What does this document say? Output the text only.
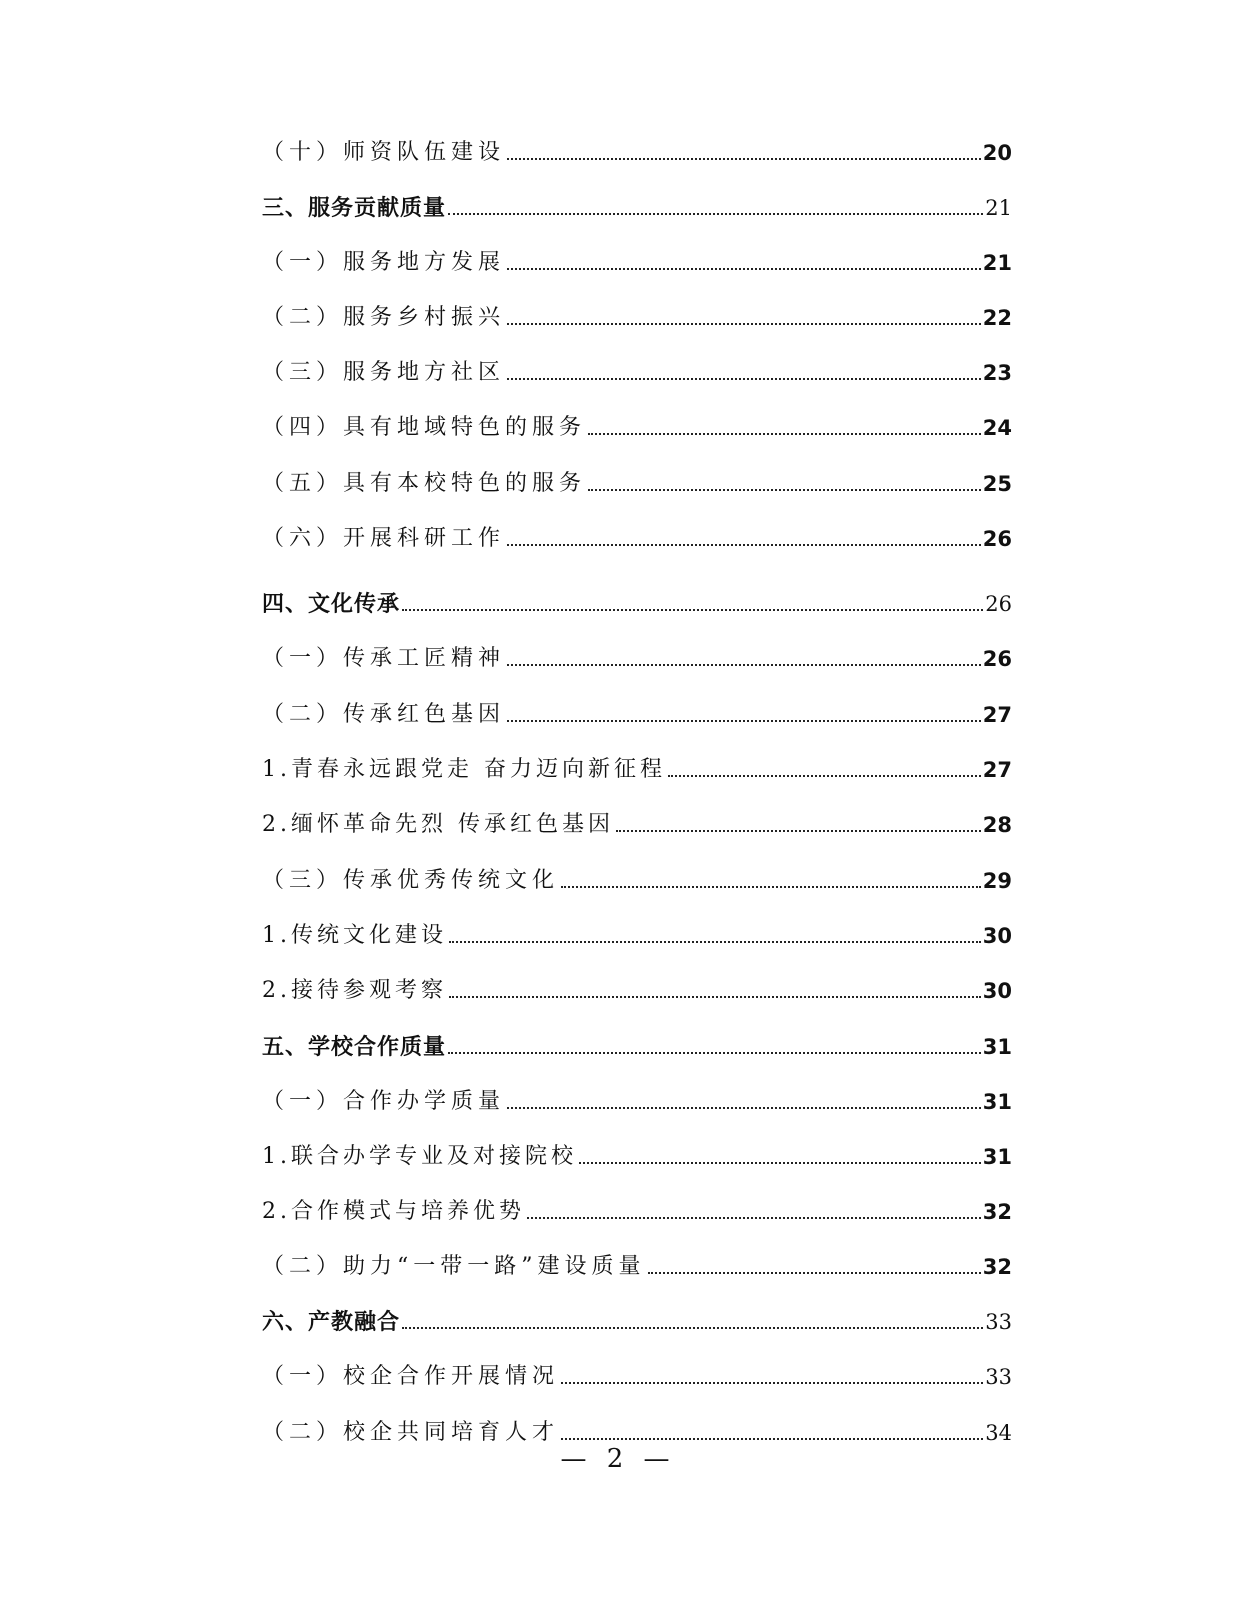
（十）师资队伍建设	20
三、服务贡献质量	21
（一）服务地方发展	21
（二）服务乡村振兴	22
（三）服务地方社区	23
（四）具有地域特色的服务	24
（五）具有本校特色的服务	25
（六）开展科研工作	26
四、文化传承	26
（一）传承工匠精神	26
（二）传承红色基因	27
1.青春永远跟党走 奋力迈向新征程	27
2.缅怀革命先烈 传承红色基因	28
（三）传承优秀传统文化	29
1.传统文化建设	30
2.接待参观考察	30
五、学校合作质量	31
（一）合作办学质量	31
1.联合办学专业及对接院校	31
2.合作模式与培养优势	32
（二）助力“一带一路”建设质量	32
六、产教融合	33
（一）校企合作开展情况	33
（二）校企共同培育人才	34
— 2 —
